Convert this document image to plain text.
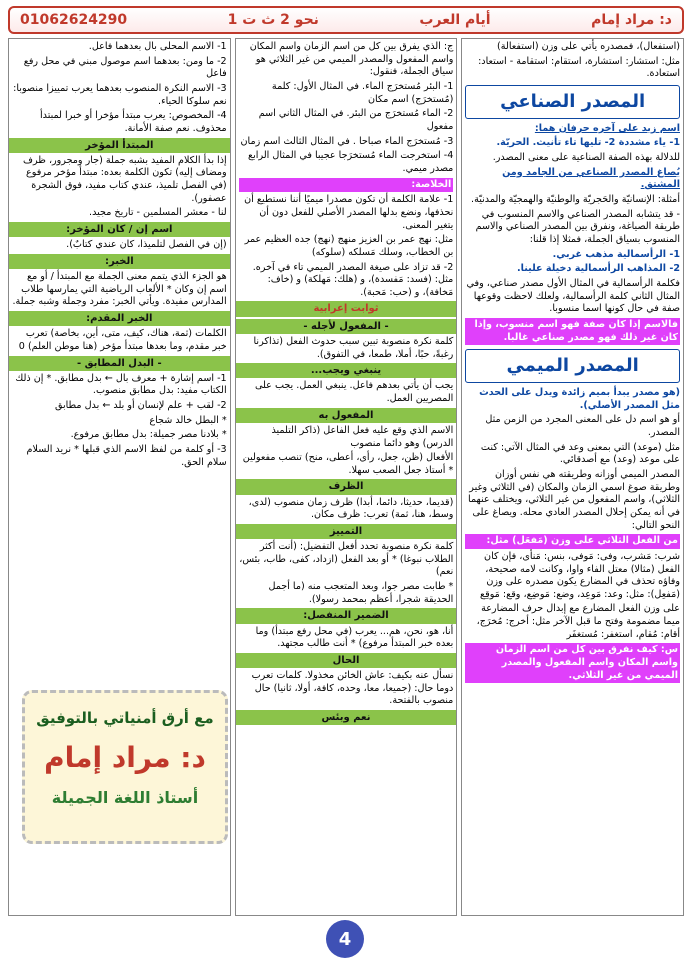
01062624290	نحو 2 ث ت 1	أيام العرب	د: مراد إمام

(استفعال)، فمصدره يأتي على وزن (استفعالة)

مثل: استشار: استشارة، استقام: استقامة - استعاد: استعادة.

المصدر الصناعي

اسم زيد على آخره حرفان هما:

1- ياء مشددة 2- تليها تاء تأنيث. الحريّة.

للدلالة بهذه الصفة الصناعية على معنى المصدر.

يُصاغ المصدر الصناعي من الجامد ومن المشتق.

أمثلة: الإنسانيّة والحَجريّة والوطنيّة والهمجيّة والمدنيّة.

- قد يتشابه المصدر الصناعي والاسم المنسوب في طريقة الصياغة، ونفرق بين المصدر الصناعي والاسم المنسوب بسياق الجملة، فمثلا إذا قلنا:

1- الرأسمالية مذهب غربي.

2- المذاهب الرأسمالية دخيلة علينا.

فكلمة الرأسمالية في المثال الأول مصدر صناعي، وفي المثال الثاني كلمة الرأسمالية، ولعلك لاحظت وقوعها صفة في حال كونها اسما منسوبا.

فالاسم إذا كان صفة فهو اسم منسوب، وإذا كان غير ذلك فهو مصدر صناعي غالبا.

المصدر الميمي

(هو مصدر يبدأ بميم زائدة ويدل على الحدث مثل المصدر الأصلي).

أو هو اسم دل على المعنى المجرد من الزمن مثل المصدر.

مثل (موعد) التي بمعنى وعد في المثال الآتي: كنت على موعد (وعد) مع أصدقائي.

المصدر الميمي أوزانه وطريقته هي نفس أوزان وطريقة صوغ اسمي الزمان والمكان (في الثلاثي وغير الثلاثي)، واسم المفعول من غير الثلاثي، ويختلف عنهما في أنه يمكن إحلال المصدر العادي محله. ويصاغ على النحو التالي:

من الفعل الثلاثي على وزن (مَفعَل) مثل:

شرب: مَشرب، وفى: مَوفى، بنس: مَنأى، فإن كان الفعل (مثالا) معتل الفاء واوا، وكانت لامه صحيحة، وفاؤه تحذف في المضارع يكون مصدره على وزن (مَفعِل): مثل: وعد: مَوعِد، وضع: مَوضِع، وقع: مَوقِع

على وزن الفعل المضارع مع إبدال حرف المضارعة ميما مضمومة وفتح ما قبل الآخر مثل: أخرج: مُخرَج، أقام: مُقام، استغفر: مُستغفَر

س: كيف نفرق بين كل من اسم الزمان واسم المكان واسم المفعول والمصدر الميمي من غير الثلاثي.

ج: الذي يفرق بين كل من اسم الزمان واسم المكان واسم المفعول والمصدر الميمي من غير الثلاثي هو سياق الجملة، فنقول:

1- البئر مُستخرَج الماء. في المثال الأول: كلمة (مُستخرَج) اسم مكان

2- الماء مُستخرَج من البئر. في المثال الثاني اسم مفعول

3- مُستخرَج الماء صباحا . في المثال الثالث اسم زمان

4- استخرجت الماء مُستخرَجا عجيبا في المثال الرابع مصدر ميمي.

الخلاصة:

1- علامة الكلمة أن تكون مصدرا ميميًا أننا نستطيع أن نحذفها، ونضع بدلها المصدر الأصلي للفعل دون أن يتغير المعنى.

مثل: نهج عمر بن العزيز منهج (نهج) جده العظيم عمر بن الخطاب، وسلك مَسلكه (سلوكه)

2- قد تزاد على صيغة المصدر الميمي تاء في آخره. مثل: (فسد: مَفسدة)، و (هلك: مَهلكة) و (خاف: مَخافة)، و (حب: مَحبة).

ثوابت إعرابية
- المفعول لأجله -

كلمة نكرة منصوبة تبين سبب حدوث الفعل (تذاكرنا رغبةً، حبًا، أملا، طمعا، في التفوق).

ينبغي ويجب...

يجب أن يأتي بعدهم فاعل. ينبغي العمل. يجب على المصريين العمل.

المفعول به

الاسم الذي وقع عليه فعل الفاعل (ذاكر التلميذ الدرس) وهو دائما منصوب

الأفعال (ظن، جعل، رأى، أعطى، منح) تنصب مفعولين * أستاذ جعل الصعب سهلا.

الظرف

(قديما، حديثا، دائما، أبدا) ظرف زمان منصوب (لدى، وسط، هنا، ثمة) تعرب: ظرف مكان.

التمييز

كلمة نكرة منصوبة تحدد أفعل التفضيل: (أنت أكثر الطلاب نبوغا) * أو بعد الفعل (ازداد، كفى، طاب، بئس، نعم)

* طابت مصر جوا، وبعد المتعجب منه (ما أجمل الحديقة شجرا، أعظم بمحمد رسولا).

الضمير المنفصل:

أنا، هو، نحن، هم... يعرب (في محل رفع مبتدأ) وما بعده خبر المبتدأ مرفوع) * أنت طالب مجتهد.

الحال

نسأل عنه بكيف: عاش الخائن مخذولا. كلمات تعرب دوما حال: (جميعا، معا، وحده، كافة، أولا، ثانيا) حال منصوب بالفتحة.

نعم وبئس

1- الاسم المحلى بال بعدهما فاعل.

2- ما ومن: بعدهما اسم موصول مبني في محل رفع فاعل

3- الاسم النكرة المنصوب بعدهما يعرب تمييزا منصوبا: نعم سلوكا الحياء.

4- المخصوص: يعرب مبتدأ مؤخرا أو خبرا لمبتدأ محذوف. نعم صفة الأمانة.

المبتدأ المؤخر

إذا بدأ الكلام المفيد بشبه جملة (جار ومجرور، ظرف ومضاف إليه) تكون الكلمة بعده: مبتدأ مؤخر مرفوع (في الفصل تلميذ، عندي كتاب مفيد، فوق الشجرة عصفور).

لنا - معشر المسلمين - تاريخ مجيد.

اسم إن / كان المؤخر:

(إن في الفصل لتلميذا، كان عندي كتابٌ).

الخبر:

هو الجزء الذي يتمم معنى الجملة مع المبتدأ / أو مع اسم إن وكان * الألعاب الرياضية التي يمارسها طلاب المدارس مفيدة. ويأتي الخبر: مفرد وجملة وشبه جملة.

الخبر المقدم:

الكلمات (ثمة، هناك، كيف، متى، أين، بخاصة) تعرب خبر مقدم، وما بعدها مبتدأ مؤخر (هنا موطن العلم) 0

- البدل المطابق -

1- اسم إشارة + معرف بال ← بدل مطابق. * إن ذلك الكتاب مفيد: بدل مطابق منصوب.

2- لقب + علم لإنسان أو بلد ← بدل مطابق

* البطل خالد شجاع

* بلادنا مصر جميلة: بدل مطابق مرفوع.

3- أو كلمة من لفظ الاسم الذي قبلها * نريد السلام سلام الحق.

مع أرق أمنياتي بالتوفيق
د: مراد إمام
أستاذ اللغة الجميلة
4
